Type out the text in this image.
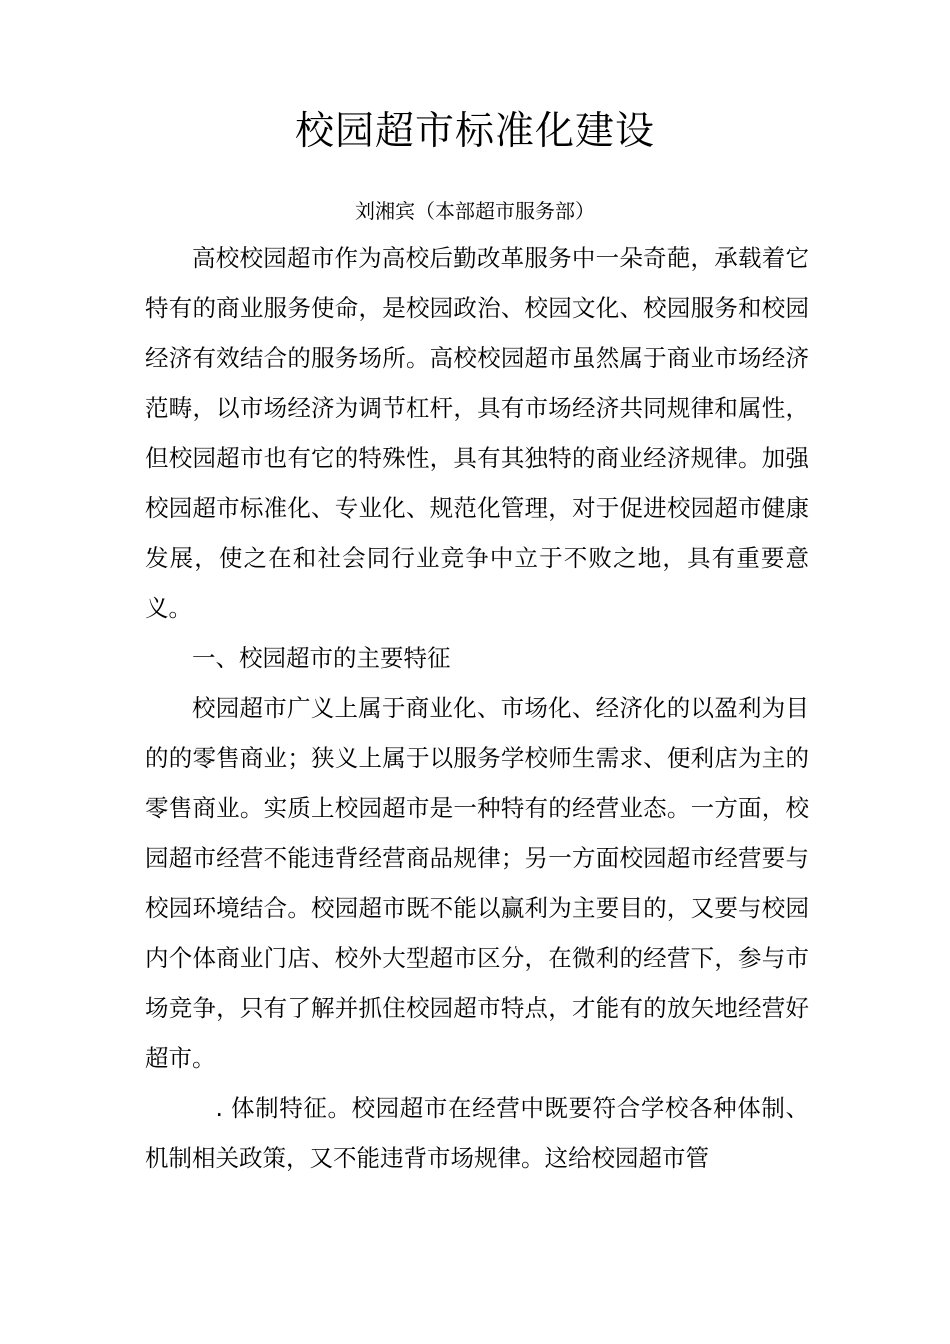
校园超市标准化建设
刘湘宾（本部超市服务部）

高校校园超市作为高校后勤改革服务中一朵奇葩，承载着它特有的商业服务使命，是校园政治、校园文化、校园服务和校园经济有效结合的服务场所。高校校园超市虽然属于商业市场经济范畴，以市场经济为调节杠杆，具有市场经济共同规律和属性，但校园超市也有它的特殊性，具有其独特的商业经济规律。加强校园超市标准化、专业化、规范化管理，对于促进校园超市健康发展，使之在和社会同行业竞争中立于不败之地，具有重要意义。

一、校园超市的主要特征

校园超市广义上属于商业化、市场化、经济化的以盈利为目的的零售商业；狭义上属于以服务学校师生需求、便利店为主的零售商业。实质上校园超市是一种特有的经营业态。一方面，校园超市经营不能违背经营商品规律；另一方面校园超市经营要与校园环境结合。校园超市既不能以赢利为主要目的，又要与校园内个体商业门店、校外大型超市区分，在微利的经营下，参与市场竞争，只有了解并抓住校园超市特点，才能有的放矢地经营好超市。

. 体制特征。校园超市在经营中既要符合学校各种体制、机制相关政策，又不能违背市场规律。这给校园超市管
